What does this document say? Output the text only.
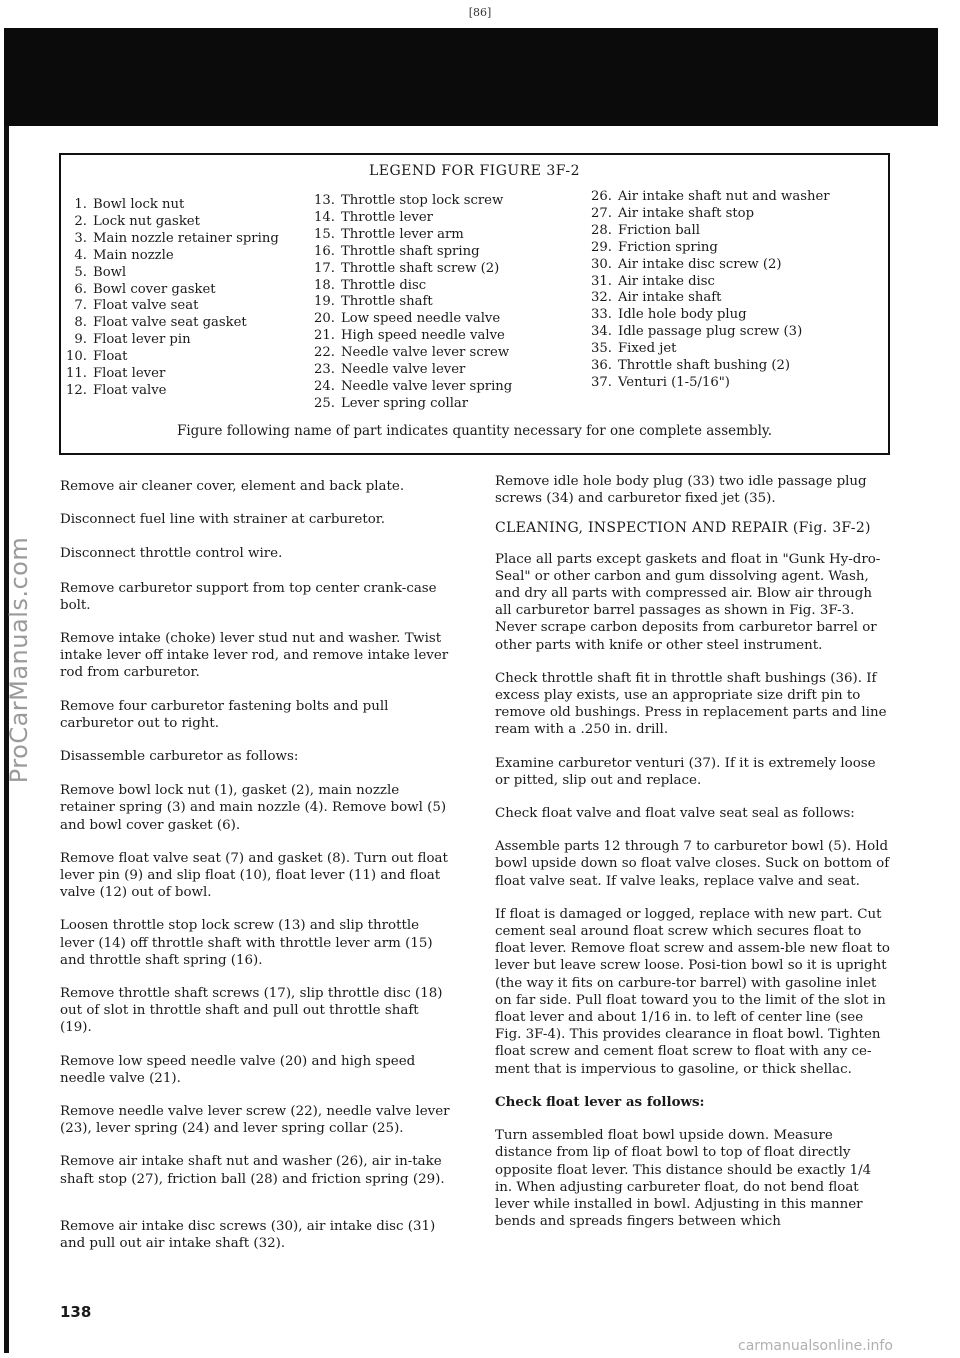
[86]
ProCarManuals.com
LEGEND FOR FIGURE 3F-2
1. Bowl lock nut
2. Lock nut gasket
3. Main nozzle retainer spring
4. Main nozzle
5. Bowl
6. Bowl cover gasket
7. Float valve seat
8. Float valve seat gasket
9. Float lever pin
10. Float
11. Float lever
12. Float valve
13. Throttle stop lock screw
14. Throttle lever
15. Throttle lever arm
16. Throttle shaft spring
17. Throttle shaft screw (2)
18. Throttle disc
19. Throttle shaft
20. Low speed needle valve
21. High speed needle valve
22. Needle valve lever screw
23. Needle valve lever
24. Needle valve lever spring
25. Lever spring collar
26. Air intake shaft nut and washer
27. Air intake shaft stop
28. Friction ball
29. Friction spring
30. Air intake disc screw (2)
31. Air intake disc
32. Air intake shaft
33. Idle hole body plug
34. Idle passage plug screw (3)
35. Fixed jet
36. Throttle shaft bushing (2)
37. Venturi (1-5/16")
Figure following name of part indicates quantity necessary for one complete assembly.

Remove air cleaner cover, element and back plate.

Disconnect fuel line with strainer at carburetor.

Disconnect throttle control wire.

Remove carburetor support from top center crank-case bolt.

Remove intake (choke) lever stud nut and washer. Twist intake lever off intake lever rod, and remove intake lever rod from carburetor.

Remove four carburetor fastening bolts and pull carburetor out to right.

Disassemble carburetor as follows:

Remove bowl lock nut (1), gasket (2), main nozzle retainer spring (3) and main nozzle (4). Remove bowl (5) and bowl cover gasket (6).

Remove float valve seat (7) and gasket (8). Turn out float lever pin (9) and slip float (10), float lever (11) and float valve (12) out of bowl.

Loosen throttle stop lock screw (13) and slip throttle lever (14) off throttle shaft with throttle lever arm (15) and throttle shaft spring (16).

Remove throttle shaft screws (17), slip throttle disc (18) out of slot in throttle shaft and pull out throttle shaft (19).

Remove low speed needle valve (20) and high speed needle valve (21).

Remove needle valve lever screw (22), needle valve lever (23), lever spring (24) and lever spring collar (25).

Remove air intake shaft nut and washer (26), air in-take shaft stop (27), friction ball (28) and friction spring (29).

Remove air intake disc screws (30), air intake disc (31) and pull out air intake shaft (32).

Remove idle hole body plug (33) two idle passage plug screws (34) and carburetor fixed jet (35).

CLEANING, INSPECTION AND REPAIR (Fig. 3F-2)

Place all parts except gaskets and float in "Gunk Hy-dro-Seal" or other carbon and gum dissolving agent. Wash, and dry all parts with compressed air. Blow air through all carburetor barrel passages as shown in Fig. 3F-3. Never scrape carbon deposits from carburetor barrel or other parts with knife or other steel instrument.

Check throttle shaft fit in throttle shaft bushings (36). If excess play exists, use an appropriate size drift pin to remove old bushings. Press in replacement parts and line ream with a .250 in. drill.

Examine carburetor venturi (37). If it is extremely loose or pitted, slip out and replace.

Check float valve and float valve seat seal as follows:

Assemble parts 12 through 7 to carburetor bowl (5). Hold bowl upside down so float valve closes. Suck on bottom of float valve seat. If valve leaks, replace valve and seat.

If float is damaged or logged, replace with new part. Cut cement seal around float screw which secures float to float lever. Remove float screw and assem-ble new float to lever but leave screw loose. Posi-tion bowl so it is upright (the way it fits on carbure-tor barrel) with gasoline inlet on far side. Pull float toward you to the limit of the slot in float lever and about 1/16 in. to left of center line (see Fig. 3F-4). This provides clearance in float bowl. Tighten float screw and cement float screw to float with any ce-ment that is impervious to gasoline, or thick shellac.

Check float lever as follows:

Turn assembled float bowl upside down. Measure distance from lip of float bowl to top of float directly opposite float lever. This distance should be exactly 1/4 in. When adjusting carbureter float, do not bend float lever while installed in bowl. Adjusting in this manner bends and spreads fingers between which

138
carmanualsonline.info
